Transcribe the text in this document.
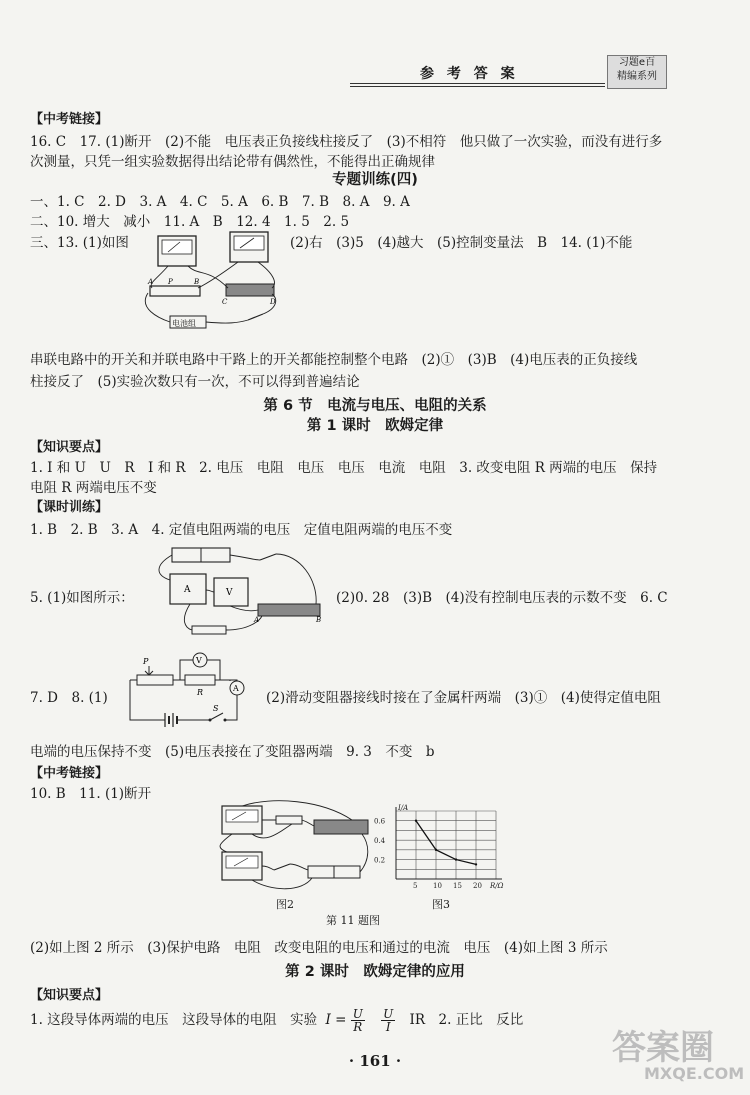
参 考 答 案
习题e百
精编系列
【中考链接】
16. C　17. (1)断开　(2)不能　电压表正负接线柱接反了　(3)不相符　他只做了一次实验，而没有进行多
次测量，只凭一组实验数据得出结论带有偶然性，不能得出正确规律
专题训练(四)
一、1. C　2. D　3. A　4. C　5. A　6. B　7. B　8. A　9. A
二、10. 增大　减小　11. A　B　12. 4　1. 5　2. 5
三、13. (1)如图	(2)右　(3)5　(4)越大　(5)控制变量法　B　14. (1)不能
电池组
A P	B
C	D
串联电路中的开关和并联电路中干路上的开关都能控制整个电路　(2)①　(3)B　(4)电压表的正负接线
柱接反了　(5)实验次数只有一次，不可以得到普遍结论
第 6 节　电流与电压、电阻的关系
第 1 课时　欧姆定律
【知识要点】
1. I 和 U　U　R　I 和 R　2. 电压　电阻　电压　电压　电流　电阻　3. 改变电阻 R 两端的电压　保持
电阻 R 两端电压不变
【课时训练】
1. B　2. B　3. A　4. 定值电阻两端的电压　定值电阻两端的电压不变
A	V
A	B
5. (1)如图所示：	(2)0. 28　(3)B　(4)没有控制电压表的示数不变　6. C
P
R
V
A
S
7. D　8. (1)	(2)滑动变阻器接线时接在了金属杆两端　(3)①　(4)使得定值电阻
电端的电压保持不变　(5)电压表接在了变阻器两端　9. 3　不变　b
【中考链接】
10. B　11. (1)断开
图2
5 10 15 20
0.6
0.4
0.2
I/A
R/Ω
图3
第 11 题图
(2)如上图 2 所示　(3)保护电路　电阻　改变电阻的电压和通过的电流　电压　(4)如上图 3 所示
第 2 课时　欧姆定律的应用
【知识要点】
1. 这段导体两端的电压　这段导体的电阻　实验 $I = \frac{U}{R}$
$\frac{U}{I}$ IR　2. 正比　反比
· 161 ·	答案圈
MXQE.COM
